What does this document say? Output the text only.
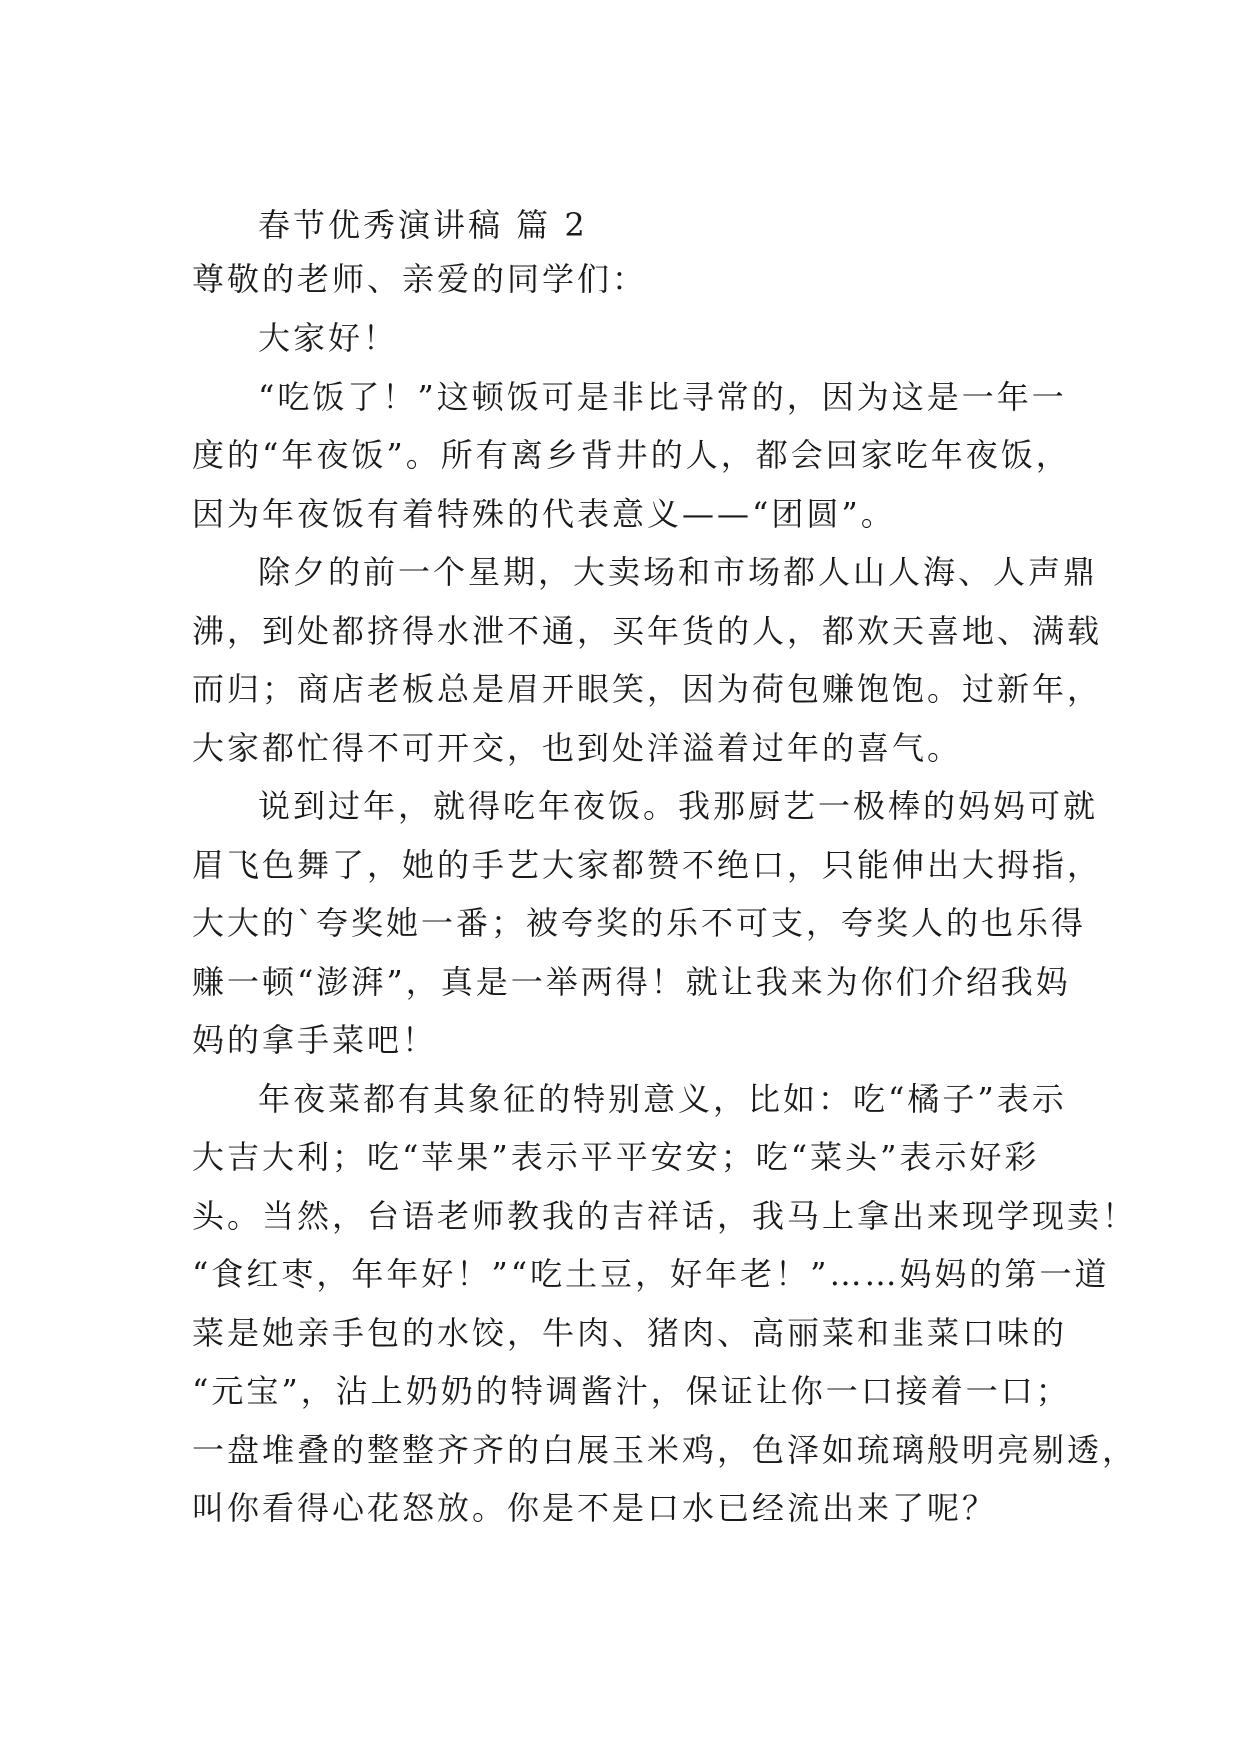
春节优秀演讲稿 篇 2

尊敬的老师、亲爱的同学们：

大家好！
“吃饭了！”这顿饭可是非比寻常的，因为这是一年一
度的“年夜饭”。所有离乡背井的人，都会回家吃年夜饭，
因为年夜饭有着特殊的代表意义——“团圆”。
除夕的前一个星期，大卖场和市场都人山人海、人声鼎
沸，到处都挤得水泄不通，买年货的人，都欢天喜地、满载
而归；商店老板总是眉开眼笑，因为荷包赚饱饱。过新年，
大家都忙得不可开交，也到处洋溢着过年的喜气。
说到过年，就得吃年夜饭。我那厨艺一极棒的妈妈可就
眉飞色舞了，她的手艺大家都赞不绝口，只能伸出大拇指，
大大的`夸奖她一番；被夸奖的乐不可支，夸奖人的也乐得
赚一顿“澎湃”，真是一举两得！就让我来为你们介绍我妈
妈的拿手菜吧！
年夜菜都有其象征的特别意义，比如：吃“橘子”表示
大吉大利；吃“苹果”表示平平安安；吃“菜头”表示好彩
头。当然，台语老师教我的吉祥话，我马上拿出来现学现卖！
“食红枣，年年好！”“吃土豆，好年老！”……妈妈的第一道
菜是她亲手包的水饺，牛肉、猪肉、高丽菜和韭菜口味的
“元宝”，沾上奶奶的特调酱汁，保证让你一口接着一口；
一盘堆叠的整整齐齐的白展玉米鸡，色泽如琉璃般明亮剔透，
叫你看得心花怒放。你是不是口水已经流出来了呢？
